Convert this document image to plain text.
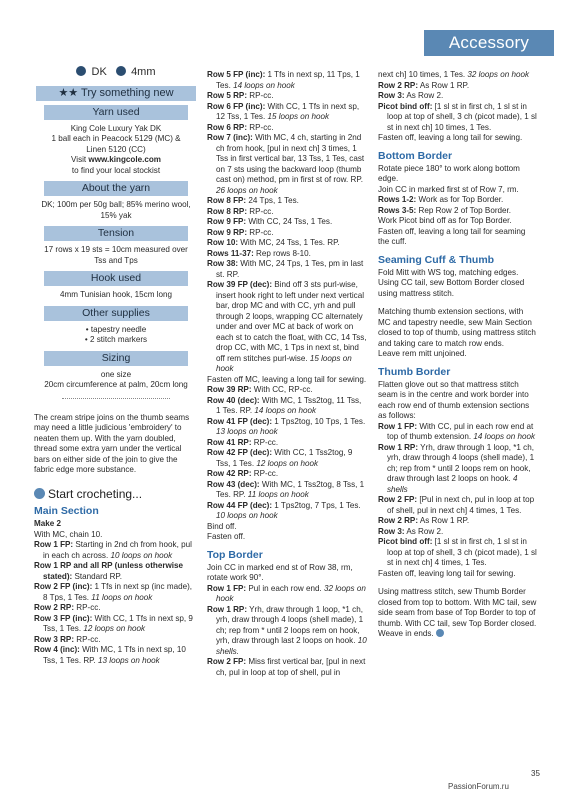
Accessory
DK 4mm
★★ Try something new
Yarn used
King Cole Luxury Yak DK
1 ball each in Peacock 5129 (MC) &
Linen 5120 (CC)
Visit www.kingcole.com
to find your local stockist
About the yarn
DK; 100m per 50g ball; 85% merino wool,
15% yak
Tension
17 rows x 19 sts = 10cm measured over
Tss and Tps
Hook used
4mm Tunisian hook, 15cm long
Other supplies
• tapestry needle
• 2 stitch markers
Sizing
one size
20cm circumference at palm, 20cm long

The cream stripe joins on the thumb seams may need a little judicious 'embroidery' to neaten them up. With the yarn doubled, thread some extra yarn under the vertical bars on either side of the join to give the fabric edge more substance.

Start crocheting...
Main Section

Make 2

With MC, chain 10.

Row 1 FP: Starting in 2nd ch from hook, pul in each ch across. 10 loops on hook

Row 1 RP and all RP (unless otherwise stated): Standard RP.

Row 2 FP (inc): 1 Tfs in next sp (inc made), 8 Tps, 1 Tes. 11 loops on hook

Row 2 RP: RP-cc.

Row 3 FP (inc): With CC, 1 Tfs in next sp, 9 Tss, 1 Tes. 12 loops on hook

Row 3 RP: RP-cc.

Row 4 (inc): With MC, 1 Tfs in next sp, 10 Tss, 1 Tes. RP. 13 loops on hook

Row 5 FP (inc): 1 Tfs in next sp, 11 Tps, 1 Tes. 14 loops on hook

Row 5 RP: RP-cc.

Row 6 FP (inc): With CC, 1 Tfs in next sp, 12 Tss, 1 Tes. 15 loops on hook

Row 6 RP: RP-cc.

Row 7 (inc): With MC, 4 ch, starting in 2nd ch from hook, [pul in next ch] 3 times, 1 Tss in first vertical bar, 13 Tss, 1 Tes, cast on 7 sts using the backward loop (thumb cast on) method, pm in first st of row. RP. 26 loops on hook

Row 8 FP: 24 Tps, 1 Tes.

Row 8 RP: RP-cc.

Row 9 FP: With CC, 24 Tss, 1 Tes.

Row 9 RP: RP-cc.

Row 10: With MC, 24 Tss, 1 Tes. RP.

Rows 11-37: Rep rows 8-10.

Row 38: With MC, 24 Tps, 1 Tes, pm in last st. RP.

Row 39 FP (dec): Bind off 3 sts purl-wise, insert hook right to left under next vertical bar, drop MC and with CC, yrh and pull through 2 loops, wrapping CC alternately under and over MC at back of work on each st to catch the float, with CC, 14 Tss, drop CC, with MC, 1 Tps in next st, bind off rem stitches purl-wise. 15 loops on hook

Fasten off MC, leaving a long tail for sewing.

Row 39 RP: With CC, RP-cc.

Row 40 (dec): With MC, 1 Tss2tog, 11 Tss, 1 Tes. RP. 14 loops on hook

Row 41 FP (dec): 1 Tps2tog, 10 Tps, 1 Tes. 13 loops on hook

Row 41 RP: RP-cc.

Row 42 FP (dec): With CC, 1 Tss2tog, 9 Tss, 1 Tes. 12 loops on hook

Row 42 RP: RP-cc.

Row 43 (dec): With MC, 1 Tss2tog, 8 Tss, 1 Tes. RP. 11 loops on hook

Row 44 FP (dec): 1 Tps2tog, 7 Tps, 1 Tes. 10 loops on hook

Bind off.

Fasten off.

Top Border

Join CC in marked end st of Row 38, rm, rotate work 90°.

Row 1 FP: Pul in each row end. 32 loops on hook

Row 1 RP: Yrh, draw through 1 loop, *1 ch, yrh, draw through 4 loops (shell made), 1 ch; rep from * until 2 loops rem on hook, yrh, draw through last 2 loops on hook. 10 shells.

Row 2 FP: Miss first vertical bar, [pul in next ch, pul in loop at top of shell, pul in

next ch] 10 times, 1 Tes. 32 loops on hook

Row 2 RP: As Row 1 RP.

Row 3: As Row 2.

Picot bind off: [1 sl st in first ch, 1 sl st in loop at top of shell, 3 ch (picot made), 1 sl st in next ch] 10 times, 1 Tes.

Fasten off, leaving a long tail for sewing.

Bottom Border

Rotate piece 180° to work along bottom edge.

Join CC in marked first st of Row 7, rm.

Rows 1-2: Work as for Top Border.

Rows 3-5: Rep Row 2 of Top Border.

Work Picot bind off as for Top Border.

Fasten off, leaving a long tail for seaming the cuff.

Seaming Cuff & Thumb

Fold Mitt with WS tog, matching edges.

Using CC tail, sew Bottom Border closed using mattress stitch.

Matching thumb extension sections, with MC and tapestry needle, sew Main Section closed to top of thumb, using mattress stitch and taking care to match row ends.

Leave rem mitt unjoined.

Thumb Border

Flatten glove out so that mattress stitch seam is in the centre and work border into each row end of thumb extension sections as follows:

Row 1 FP: With CC, pul in each row end at top of thumb extension. 14 loops on hook

Row 1 RP: Yrh, draw through 1 loop, *1 ch, yrh, draw through 4 loops (shell made), 1 ch; rep from * until 2 loops rem on hook, draw through last 2 loops on hook. 4 shells

Row 2 FP: [Pul in next ch, pul in loop at top of shell, pul in next ch] 4 times, 1 Tes.

Row 2 RP: As Row 1 RP.

Row 3: As Row 2.

Picot bind off: [1 sl st in first ch, 1 sl st in loop at top of shell, 3 ch (picot made), 1 sl st in next ch] 4 times, 1 Tes.

Fasten off, leaving long tail for sewing.

Using mattress stitch, sew Thumb Border closed from top to bottom. With MC tail, sew side seam from base of Top Border to top of thumb. With CC tail, sew Top Border closed.

Weave in ends.

35
PassionForum.ru
